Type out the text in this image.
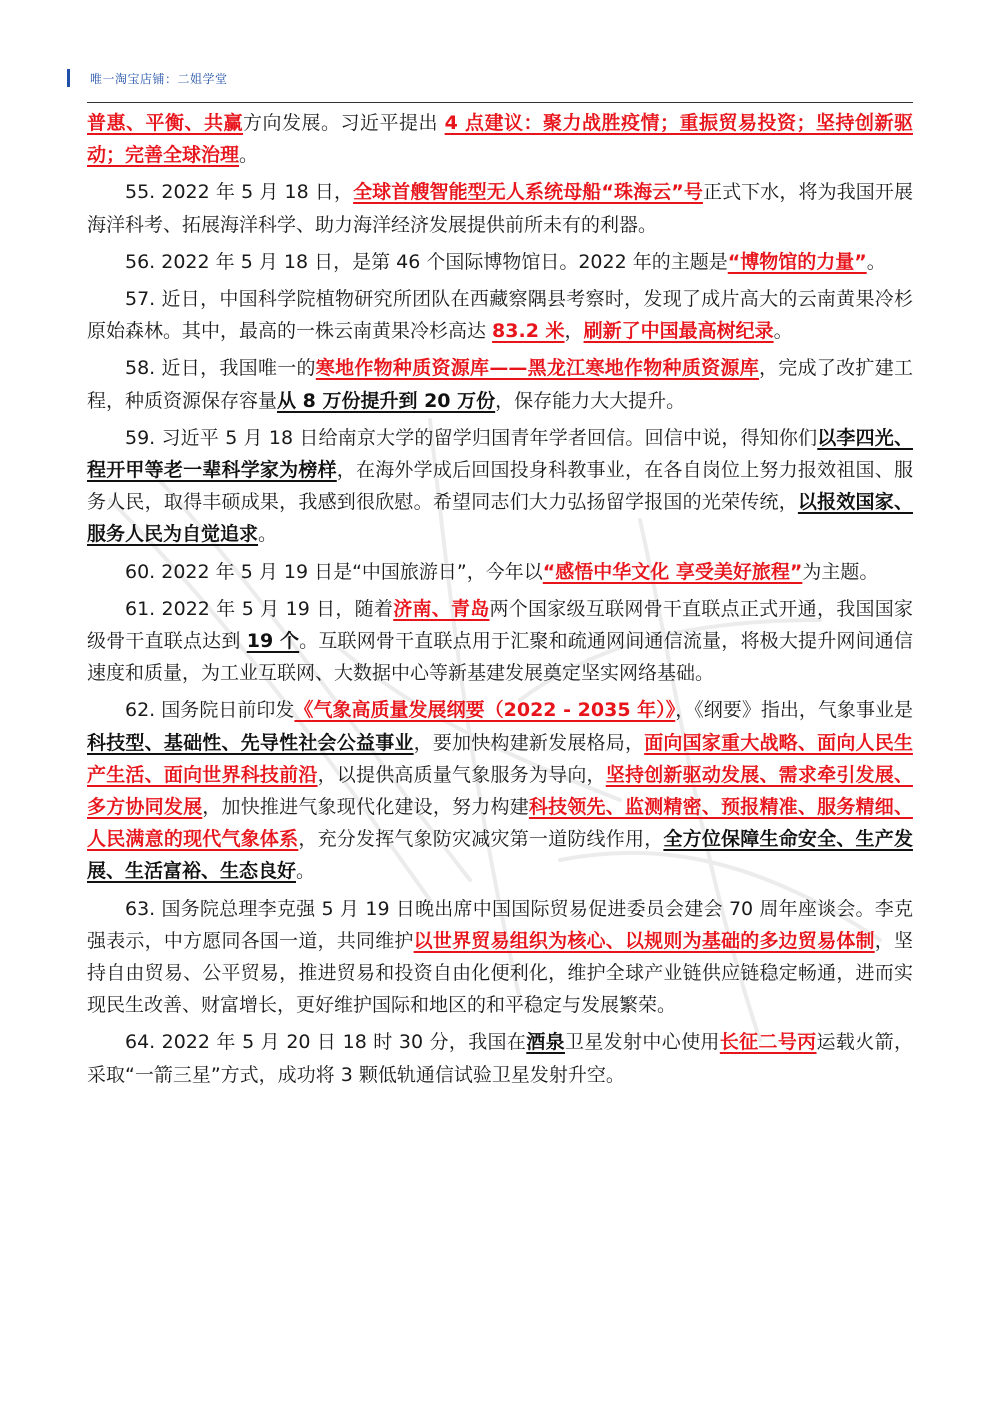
唯一淘宝店铺：二姐学堂

普惠、平衡、共赢方向发展。习近平提出 4 点建议：聚力战胜疫情；重振贸易投资；坚持创新驱动；完善全球治理。

55. 2022 年 5 月 18 日，全球首艘智能型无人系统母船“珠海云”号正式下水，将为我国开展海洋科考、拓展海洋科学、助力海洋经济发展提供前所未有的利器。

56. 2022 年 5 月 18 日，是第 46 个国际博物馆日。2022 年的主题是“博物馆的力量”。

57. 近日，中国科学院植物研究所团队在西藏察隅县考察时，发现了成片高大的云南黄果冷杉原始森林。其中，最高的一株云南黄果冷杉高达 83.2 米，刷新了中国最高树纪录。

58. 近日，我国唯一的寒地作物种质资源库——黑龙江寒地作物种质资源库，完成了改扩建工程，种质资源保存容量从 8 万份提升到 20 万份，保存能力大大提升。

59. 习近平 5 月 18 日给南京大学的留学归国青年学者回信。回信中说，得知你们以李四光、程开甲等老一辈科学家为榜样，在海外学成后回国投身科教事业，在各自岗位上努力报效祖国、服务人民，取得丰硕成果，我感到很欣慰。希望同志们大力弘扬留学报国的光荣传统，以报效国家、服务人民为自觉追求。

60. 2022 年 5 月 19 日是“中国旅游日”，今年以“感悟中华文化 享受美好旅程”为主题。

61. 2022 年 5 月 19 日，随着济南、青岛两个国家级互联网骨干直联点正式开通，我国国家级骨干直联点达到 19 个。互联网骨干直联点用于汇聚和疏通网间通信流量，将极大提升网间通信速度和质量，为工业互联网、大数据中心等新基建发展奠定坚实网络基础。

62. 国务院日前印发《气象高质量发展纲要（2022 - 2035 年）》，《纲要》指出，气象事业是科技型、基础性、先导性社会公益事业，要加快构建新发展格局，面向国家重大战略、面向人民生产生活、面向世界科技前沿，以提供高质量气象服务为导向，坚持创新驱动发展、需求牵引发展、多方协同发展，加快推进气象现代化建设，努力构建科技领先、监测精密、预报精准、服务精细、人民满意的现代气象体系，充分发挥气象防灾减灾第一道防线作用，全方位保障生命安全、生产发展、生活富裕、生态良好。

63. 国务院总理李克强 5 月 19 日晚出席中国国际贸易促进委员会建会 70 周年座谈会。李克强表示，中方愿同各国一道，共同维护以世界贸易组织为核心、以规则为基础的多边贸易体制，坚持自由贸易、公平贸易，推进贸易和投资自由化便利化，维护全球产业链供应链稳定畅通，进而实现民生改善、财富增长，更好维护国际和地区的和平稳定与发展繁荣。

64. 2022 年 5 月 20 日 18 时 30 分，我国在酒泉卫星发射中心使用长征二号丙运载火箭，采取“一箭三星”方式，成功将 3 颗低轨通信试验卫星发射升空。
